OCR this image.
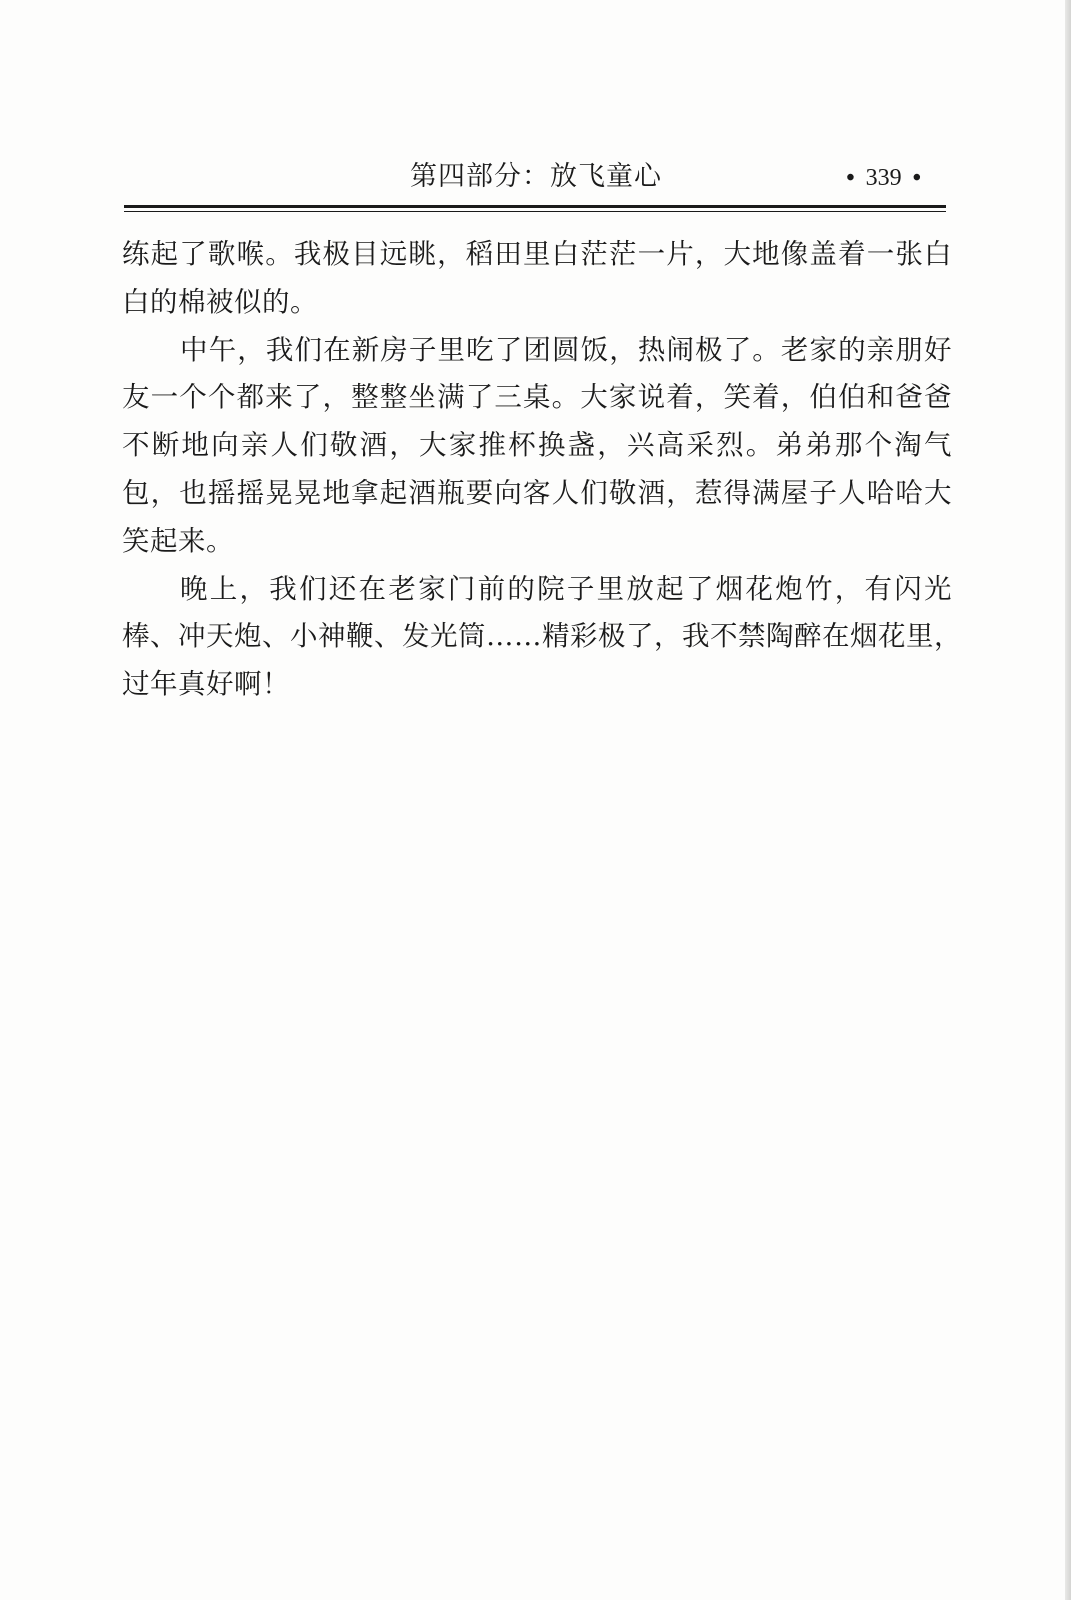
第四部分：放飞童心	• 339 •

练起了歌喉。我极目远眺，稻田里白茫茫一片，大地像盖着一张白
白的棉被似的。

中午，我们在新房子里吃了团圆饭，热闹极了。老家的亲朋好
友一个个都来了，整整坐满了三桌。大家说着，笑着，伯伯和爸爸
不断地向亲人们敬酒，大家推杯换盏，兴高采烈。弟弟那个淘气
包，也摇摇晃晃地拿起酒瓶要向客人们敬酒，惹得满屋子人哈哈大
笑起来。

晚上，我们还在老家门前的院子里放起了烟花炮竹，有闪光
棒、冲天炮、小神鞭、发光筒……精彩极了，我不禁陶醉在烟花里，
过年真好啊！
